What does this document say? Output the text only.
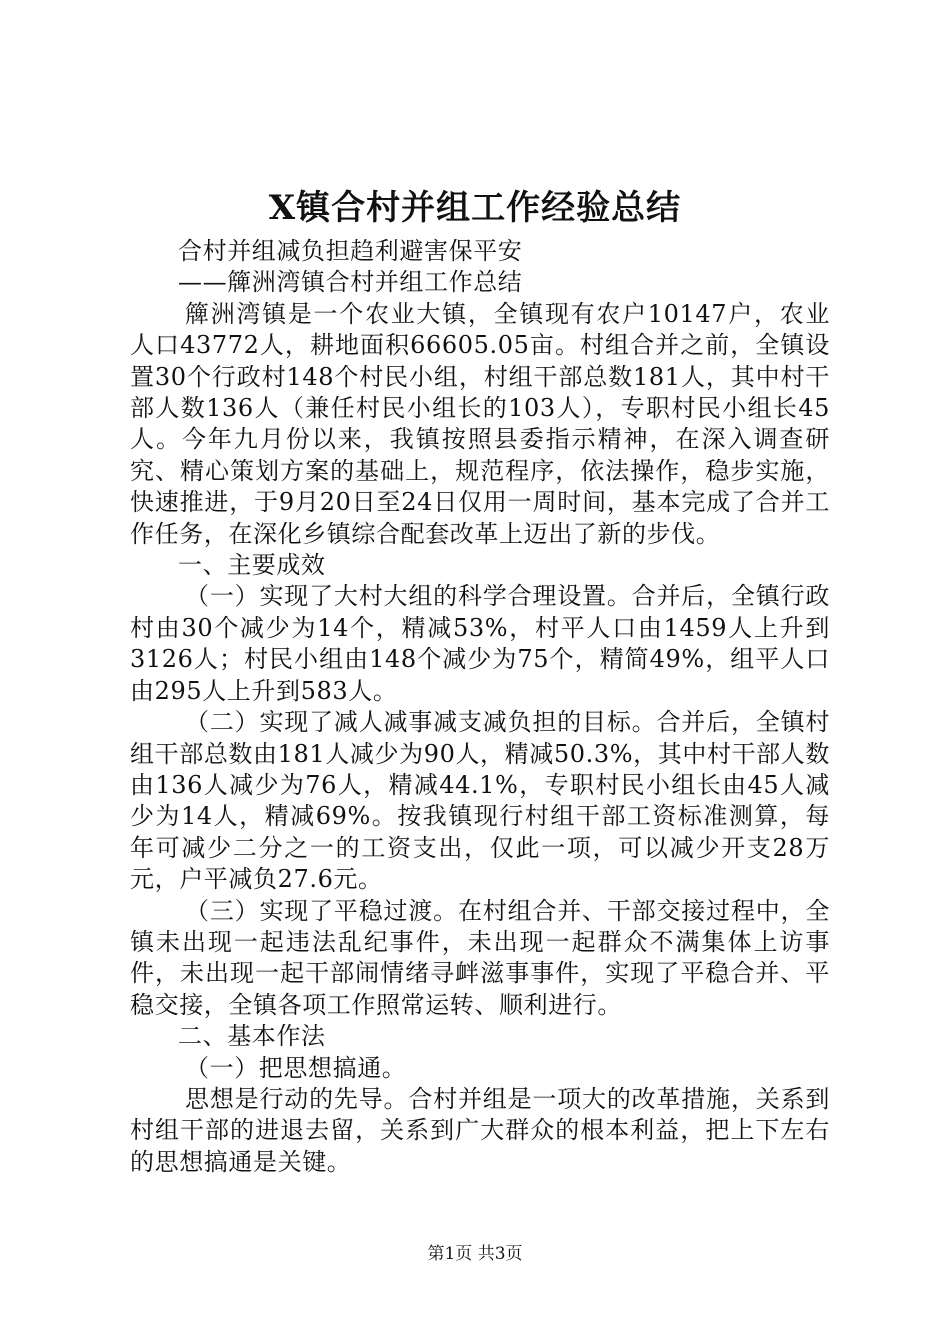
X镇合村并组工作经验总结

合村并组减负担趋利避害保平安

——簰洲湾镇合村并组工作总结

簰洲湾镇是一个农业大镇，全镇现有农户10147户，农业人口43772人，耕地面积66605.05亩。村组合并之前，全镇设置30个行政村148个村民小组，村组干部总数181人，其中村干部人数136人（兼任村民小组长的103人），专职村民小组长45人。今年九月份以来，我镇按照县委指示精神，在深入调查研究、精心策划方案的基础上，规范程序，依法操作，稳步实施，快速推进，于9月20日至24日仅用一周时间，基本完成了合并工作任务，在深化乡镇综合配套改革上迈出了新的步伐。

一、主要成效

（一）实现了大村大组的科学合理设置。合并后，全镇行政村由30个减少为14个，精减53%，村平人口由1459人上升到3126人；村民小组由148个减少为75个，精简49%，组平人口由295人上升到583人。

（二）实现了减人减事减支减负担的目标。合并后，全镇村组干部总数由181人减少为90人，精减50.3%，其中村干部人数由136人减少为76人，精减44.1%，专职村民小组长由45人减少为14人，精减69%。按我镇现行村组干部工资标准测算，每年可减少二分之一的工资支出，仅此一项，可以减少开支28万元，户平减负27.6元。

（三）实现了平稳过渡。在村组合并、干部交接过程中，全镇未出现一起违法乱纪事件，未出现一起群众不满集体上访事件，未出现一起干部闹情绪寻衅滋事事件，实现了平稳合并、平稳交接，全镇各项工作照常运转、顺利进行。

二、基本作法

（一）把思想搞通。

思想是行动的先导。合村并组是一项大的改革措施，关系到村组干部的进退去留，关系到广大群众的根本利益，把上下左右的思想搞通是关键。

第1页 共3页
